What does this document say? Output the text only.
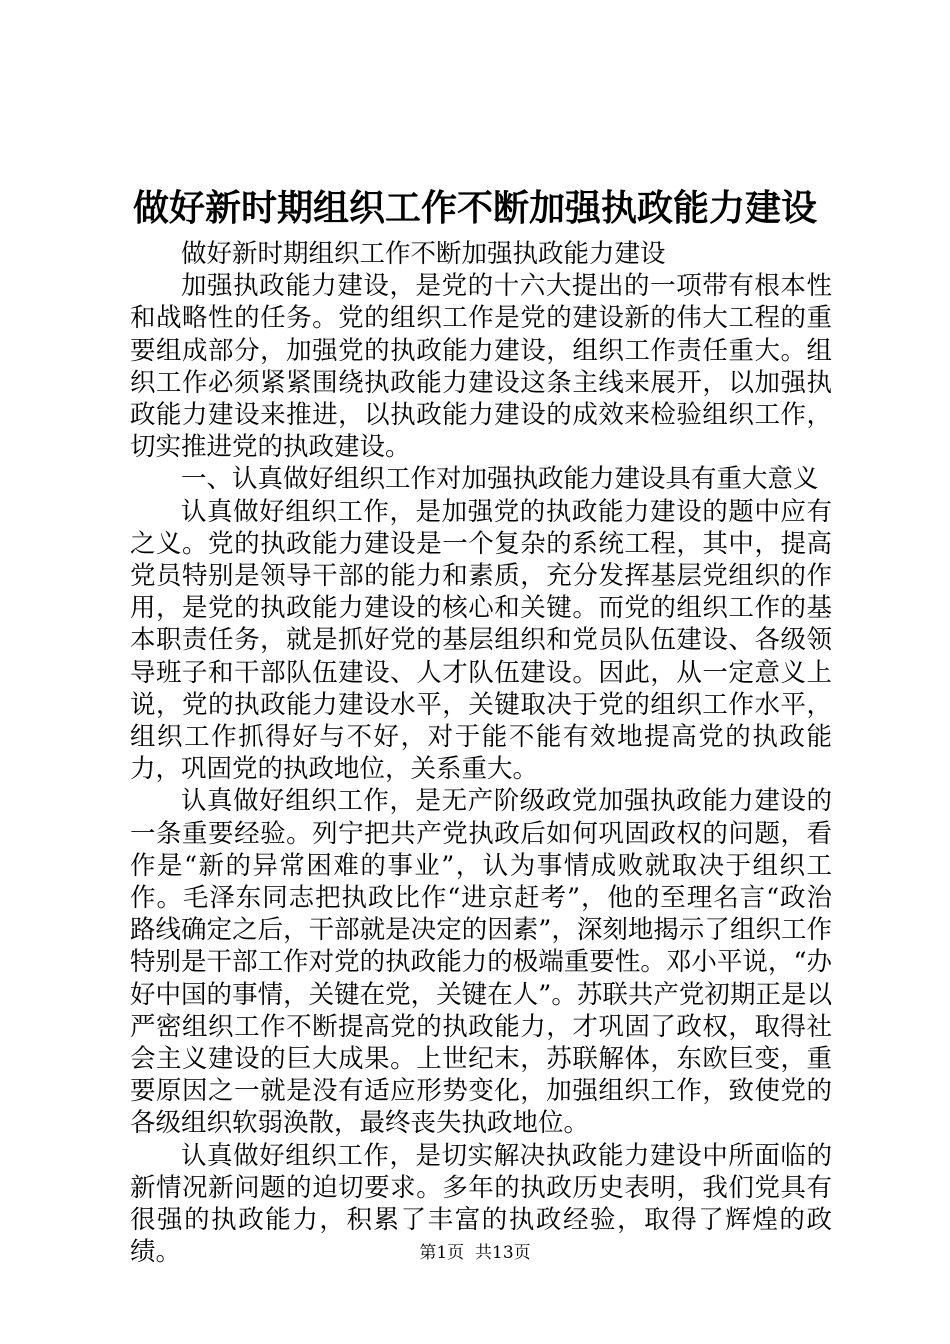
做好新时期组织工作不断加强执政能力建设

做好新时期组织工作不断加强执政能力建设

加强执政能力建设，是党的十六大提出的一项带有根本性和战略性的任务。党的组织工作是党的建设新的伟大工程的重要组成部分，加强党的执政能力建设，组织工作责任重大。组织工作必须紧紧围绕执政能力建设这条主线来展开，以加强执政能力建设来推进，以执政能力建设的成效来检验组织工作，切实推进党的执政建设。

一、认真做好组织工作对加强执政能力建设具有重大意义

认真做好组织工作，是加强党的执政能力建设的题中应有之义。党的执政能力建设是一个复杂的系统工程，其中，提高党员特别是领导干部的能力和素质，充分发挥基层党组织的作用，是党的执政能力建设的核心和关键。而党的组织工作的基本职责任务，就是抓好党的基层组织和党员队伍建设、各级领导班子和干部队伍建设、人才队伍建设。因此，从一定意义上说，党的执政能力建设水平，关键取决于党的组织工作水平，组织工作抓得好与不好，对于能不能有效地提高党的执政能力，巩固党的执政地位，关系重大。

认真做好组织工作，是无产阶级政党加强执政能力建设的一条重要经验。列宁把共产党执政后如何巩固政权的问题，看作是“新的异常困难的事业”，认为事情成败就取决于组织工作。毛泽东同志把执政比作“进京赶考”，他的至理名言“政治路线确定之后，干部就是决定的因素”，深刻地揭示了组织工作特别是干部工作对党的执政能力的极端重要性。邓小平说，“办好中国的事情，关键在党，关键在人”。苏联共产党初期正是以严密组织工作不断提高党的执政能力，才巩固了政权，取得社会主义建设的巨大成果。上世纪末，苏联解体，东欧巨变，重要原因之一就是没有适应形势变化，加强组织工作，致使党的各级组织软弱涣散，最终丧失执政地位。

认真做好组织工作，是切实解决执政能力建设中所面临的新情况新问题的迫切要求。多年的执政历史表明，我们党具有很强的执政能力，积累了丰富的执政经验，取得了辉煌的政绩。	第1页 共13页
